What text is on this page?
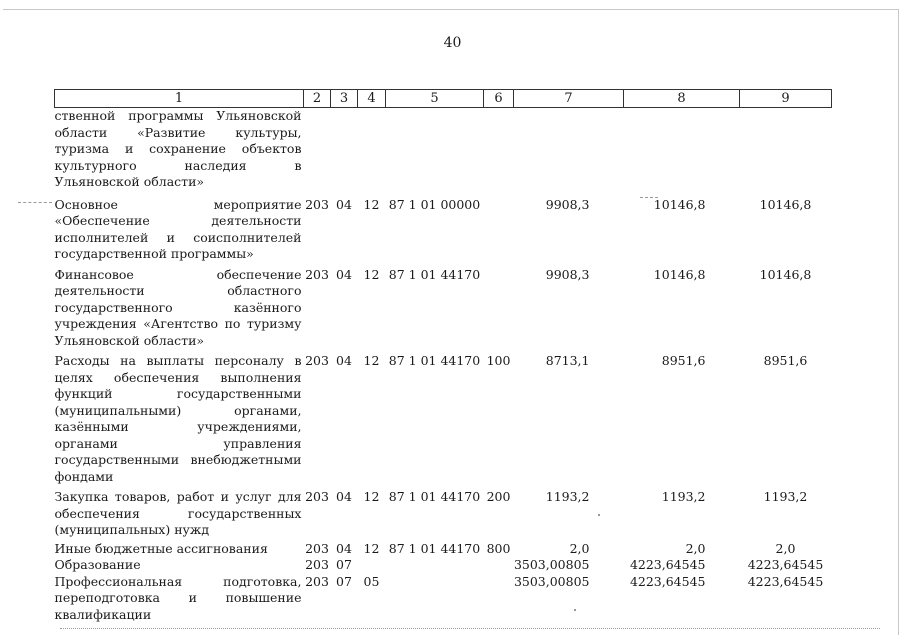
40
1	2	3	4	5	6	7	8	9
ственной программы Ульяновской области «Развитие культуры, туризма и сохранение объектов культурного наследия в Ульяновской области»								
Основное мероприятие «Обеспечение деятельности исполнителей и соисполнителей государственной программы»	203	04	12	87 1 01 00000		9908,3	10146,8	10146,8
Финансовое обеспечение деятельности областного государственного казённого учреждения «Агентство по туризму Ульяновской области»	203	04	12	87 1 01 44170		9908,3	10146,8	10146,8
Расходы на выплаты персоналу в целях обеспечения выполнения функций государственными (муниципальными) органами, казёнными учреждениями, органами управления государственными внебюджетными фондами	203	04	12	87 1 01 44170	100	8713,1	8951,6	8951,6
Закупка товаров, работ и услуг для обеспечения государственных (муниципальных) нужд	203	04	12	87 1 01 44170	200	1193,2	1193,2	1193,2
Иные бюджетные ассигнования	203	04	12	87 1 01 44170	800	2,0	2,0	2,0
Образование	203	07				3503,00805	4223,64545	4223,64545
Профессиональная подготовка, переподготовка и повышение квалификации	203	07	05			3503,00805	4223,64545	4223,64545
